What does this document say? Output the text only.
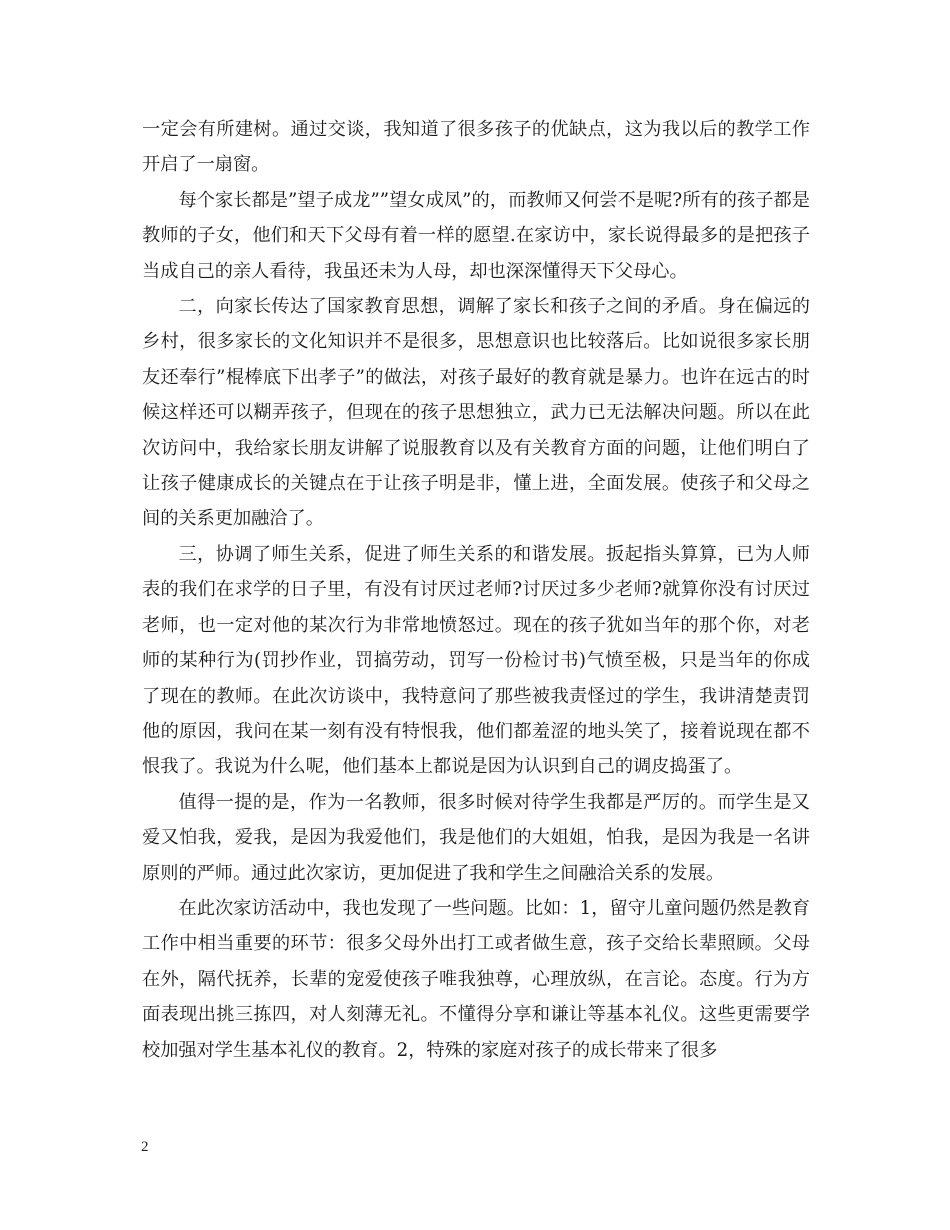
一定会有所建树。通过交谈，我知道了很多孩子的优缺点，这为我以后的教学工作开启了一扇窗。

每个家长都是”望子成龙””望女成凤”的，而教师又何尝不是呢?所有的孩子都是教师的子女，他们和天下父母有着一样的愿望.在家访中，家长说得最多的是把孩子当成自己的亲人看待，我虽还未为人母，却也深深懂得天下父母心。

二，向家长传达了国家教育思想，调解了家长和孩子之间的矛盾。身在偏远的乡村，很多家长的文化知识并不是很多，思想意识也比较落后。比如说很多家长朋友还奉行”棍棒底下出孝子”的做法，对孩子最好的教育就是暴力。也许在远古的时候这样还可以糊弄孩子，但现在的孩子思想独立，武力已无法解决问题。所以在此次访问中，我给家长朋友讲解了说服教育以及有关教育方面的问题，让他们明白了让孩子健康成长的关键点在于让孩子明是非，懂上进，全面发展。使孩子和父母之间的关系更加融洽了。

三，协调了师生关系，促进了师生关系的和谐发展。扳起指头算算，已为人师表的我们在求学的日子里，有没有讨厌过老师?讨厌过多少老师?就算你没有讨厌过老师，也一定对他的某次行为非常地愤怒过。现在的孩子犹如当年的那个你，对老师的某种行为(罚抄作业，罚搞劳动，罚写一份检讨书)气愤至极，只是当年的你成了现在的教师。在此次访谈中，我特意问了那些被我责怪过的学生，我讲清楚责罚他的原因，我问在某一刻有没有特恨我，他们都羞涩的地头笑了，接着说现在都不恨我了。我说为什么呢，他们基本上都说是因为认识到自己的调皮捣蛋了。

值得一提的是，作为一名教师，很多时候对待学生我都是严厉的。而学生是又爱又怕我，爱我，是因为我爱他们，我是他们的大姐姐，怕我，是因为我是一名讲原则的严师。通过此次家访，更加促进了我和学生之间融洽关系的发展。

在此次家访活动中，我也发现了一些问题。比如：1，留守儿童问题仍然是教育工作中相当重要的环节：很多父母外出打工或者做生意，孩子交给长辈照顾。父母在外，隔代抚养，长辈的宠爱使孩子唯我独尊，心理放纵，在言论。态度。行为方面表现出挑三拣四，对人刻薄无礼。不懂得分享和谦让等基本礼仪。这些更需要学校加强对学生基本礼仪的教育。2，特殊的家庭对孩子的成长带来了很多

2
